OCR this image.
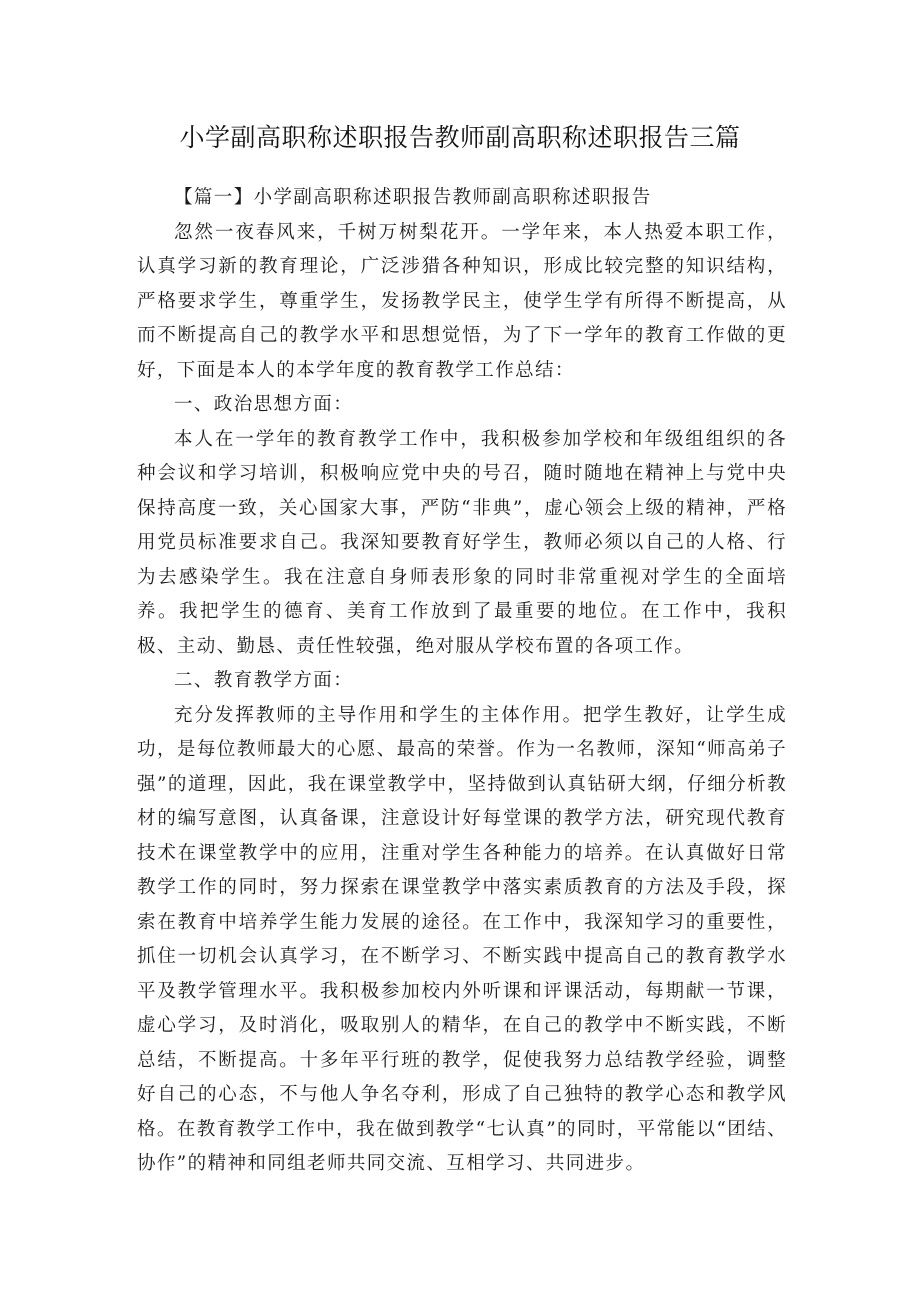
小学副高职称述职报告教师副高职称述职报告三篇

【篇一】小学副高职称述职报告教师副高职称述职报告

忽然一夜春风来，千树万树梨花开。一学年来，本人热爱本职工作，认真学习新的教育理论，广泛涉猎各种知识，形成比较完整的知识结构，严格要求学生，尊重学生，发扬教学民主，使学生学有所得不断提高，从而不断提高自己的教学水平和思想觉悟，为了下一学年的教育工作做的更好，下面是本人的本学年度的教育教学工作总结：

一、政治思想方面：

本人在一学年的教育教学工作中，我积极参加学校和年级组组织的各种会议和学习培训，积极响应党中央的号召，随时随地在精神上与党中央保持高度一致，关心国家大事，严防“非典”，虚心领会上级的精神，严格用党员标准要求自己。我深知要教育好学生，教师必须以自己的人格、行为去感染学生。我在注意自身师表形象的同时非常重视对学生的全面培养。我把学生的德育、美育工作放到了最重要的地位。在工作中，我积极、主动、勤恳、责任性较强，绝对服从学校布置的各项工作。

二、教育教学方面：

充分发挥教师的主导作用和学生的主体作用。把学生教好，让学生成功，是每位教师最大的心愿、最高的荣誉。作为一名教师，深知“师高弟子强”的道理，因此，我在课堂教学中，坚持做到认真钻研大纲，仔细分析教材的编写意图，认真备课，注意设计好每堂课的教学方法，研究现代教育技术在课堂教学中的应用，注重对学生各种能力的培养。在认真做好日常教学工作的同时，努力探索在课堂教学中落实素质教育的方法及手段，探索在教育中培养学生能力发展的途径。在工作中，我深知学习的重要性，抓住一切机会认真学习，在不断学习、不断实践中提高自己的教育教学水平及教学管理水平。我积极参加校内外听课和评课活动，每期献一节课，虚心学习，及时消化，吸取别人的精华，在自己的教学中不断实践，不断总结，不断提高。十多年平行班的教学，促使我努力总结教学经验，调整好自己的心态，不与他人争名夺利，形成了自己独特的教学心态和教学风格。在教育教学工作中，我在做到教学“七认真”的同时，平常能以“团结、协作”的精神和同组老师共同交流、互相学习、共同进步。
